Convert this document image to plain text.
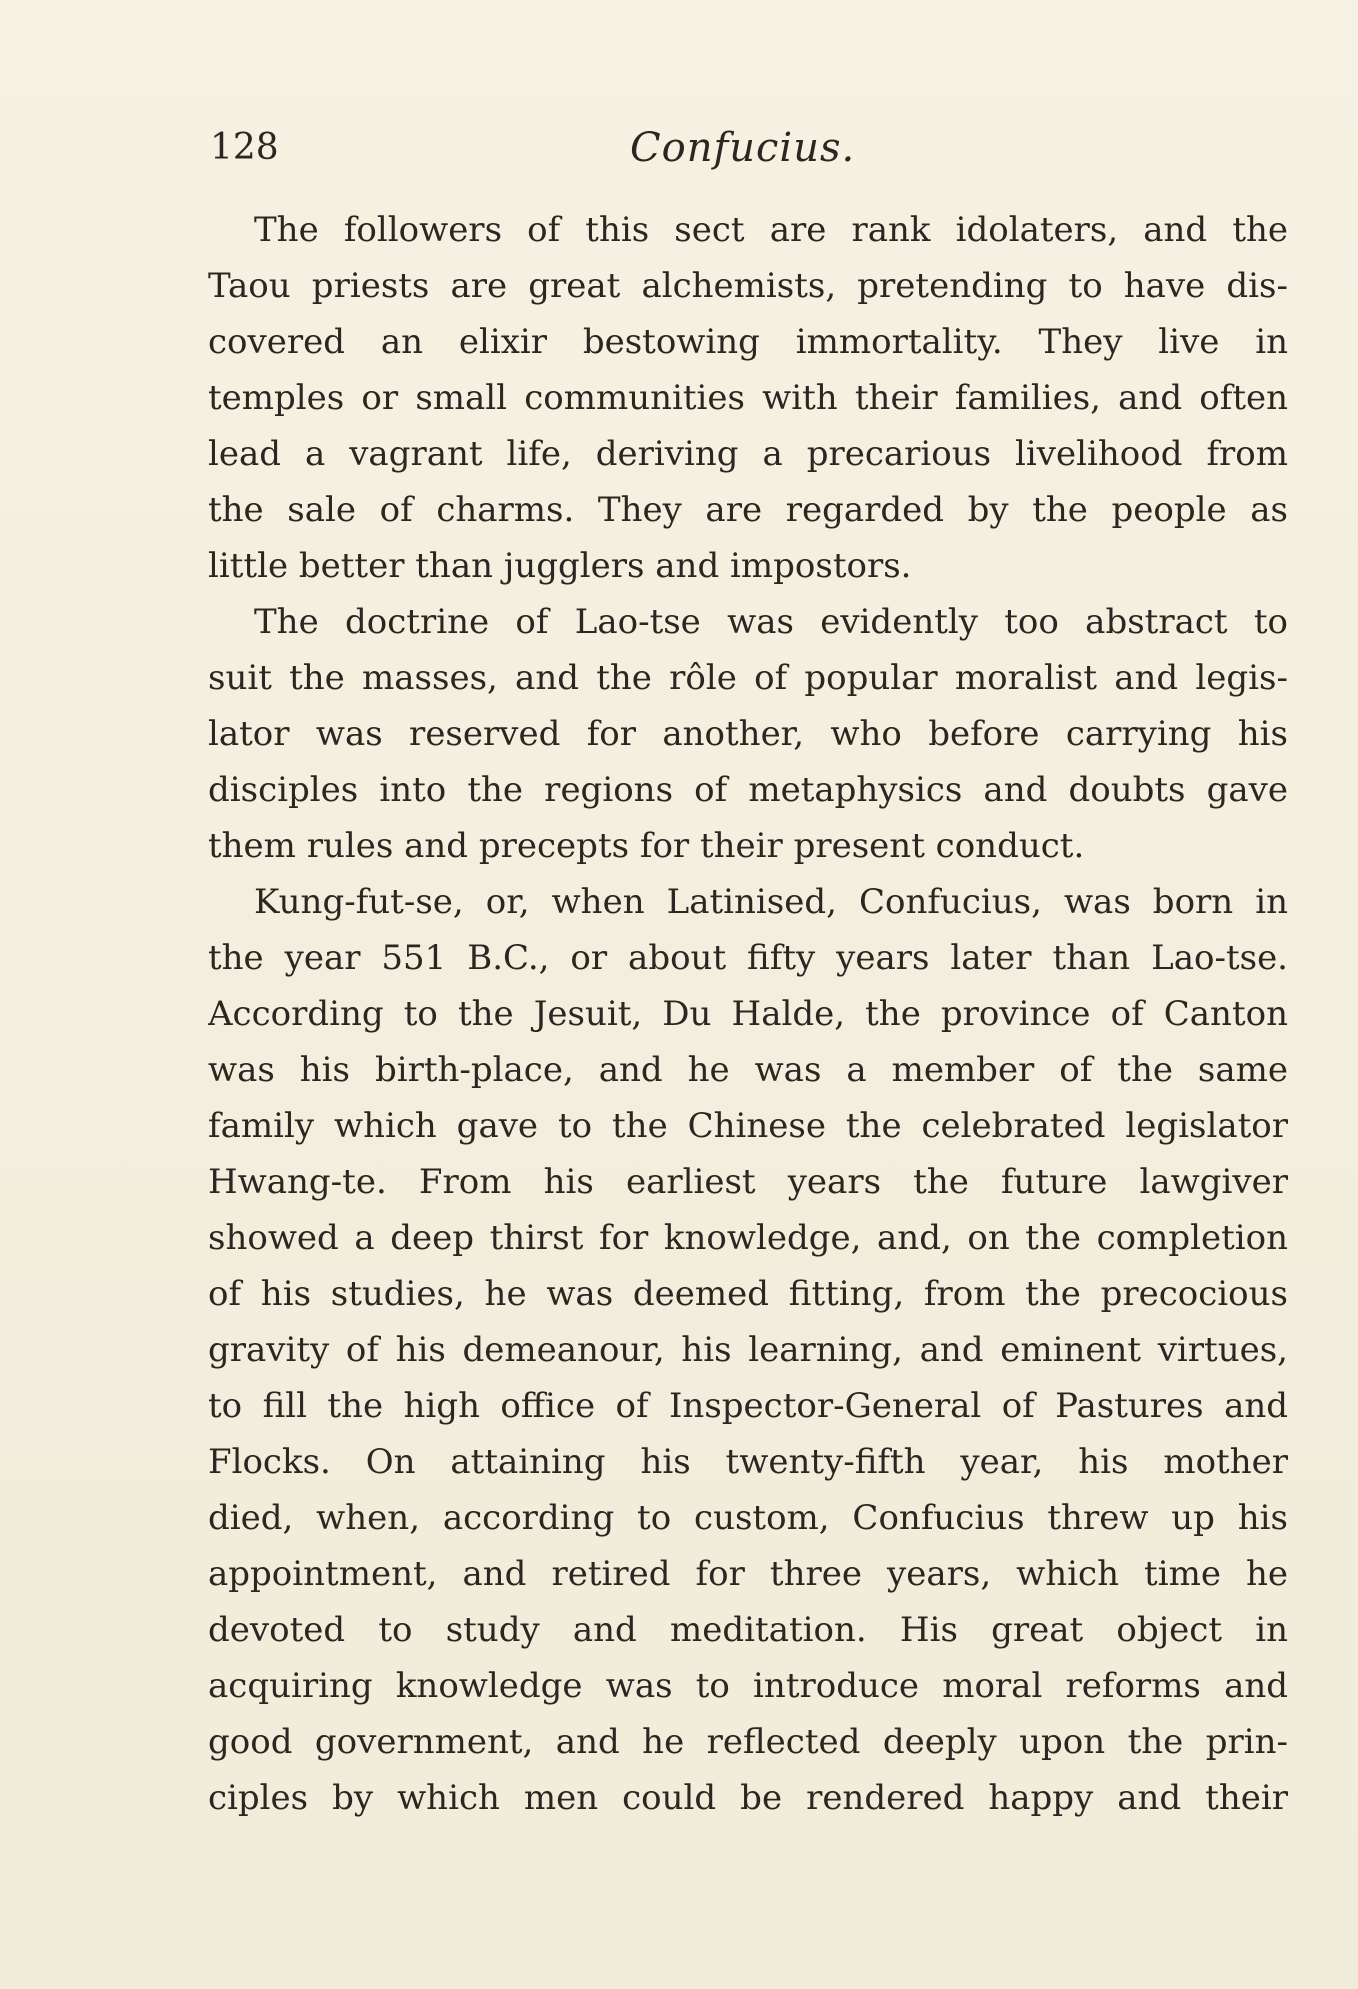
128	Confucius.
The followers of this sect are rank idolaters, and the
Taou priests are great alchemists, pretending to have dis-
covered an elixir bestowing immortality. They live in
temples or small communities with their families, and often
lead a vagrant life, deriving a precarious livelihood from
the sale of charms. They are regarded by the people as
little better than jugglers and impostors.
The doctrine of Lao-tse was evidently too abstract to
suit the masses, and the rôle of popular moralist and legis-
lator was reserved for another, who before carrying his
disciples into the regions of metaphysics and doubts gave
them rules and precepts for their present conduct.
Kung-fut-se, or, when Latinised, Confucius, was born in
the year 551 B.C., or about fifty years later than Lao-tse.
According to the Jesuit, Du Halde, the province of Canton
was his birth-place, and he was a member of the same
family which gave to the Chinese the celebrated legislator
Hwang-te. From his earliest years the future lawgiver
showed a deep thirst for knowledge, and, on the completion
of his studies, he was deemed fitting, from the precocious
gravity of his demeanour, his learning, and eminent virtues,
to fill the high office of Inspector-General of Pastures and
Flocks. On attaining his twenty-fifth year, his mother
died, when, according to custom, Confucius threw up his
appointment, and retired for three years, which time he
devoted to study and meditation. His great object in
acquiring knowledge was to introduce moral reforms and
good government, and he reflected deeply upon the prin-
ciples by which men could be rendered happy and their
